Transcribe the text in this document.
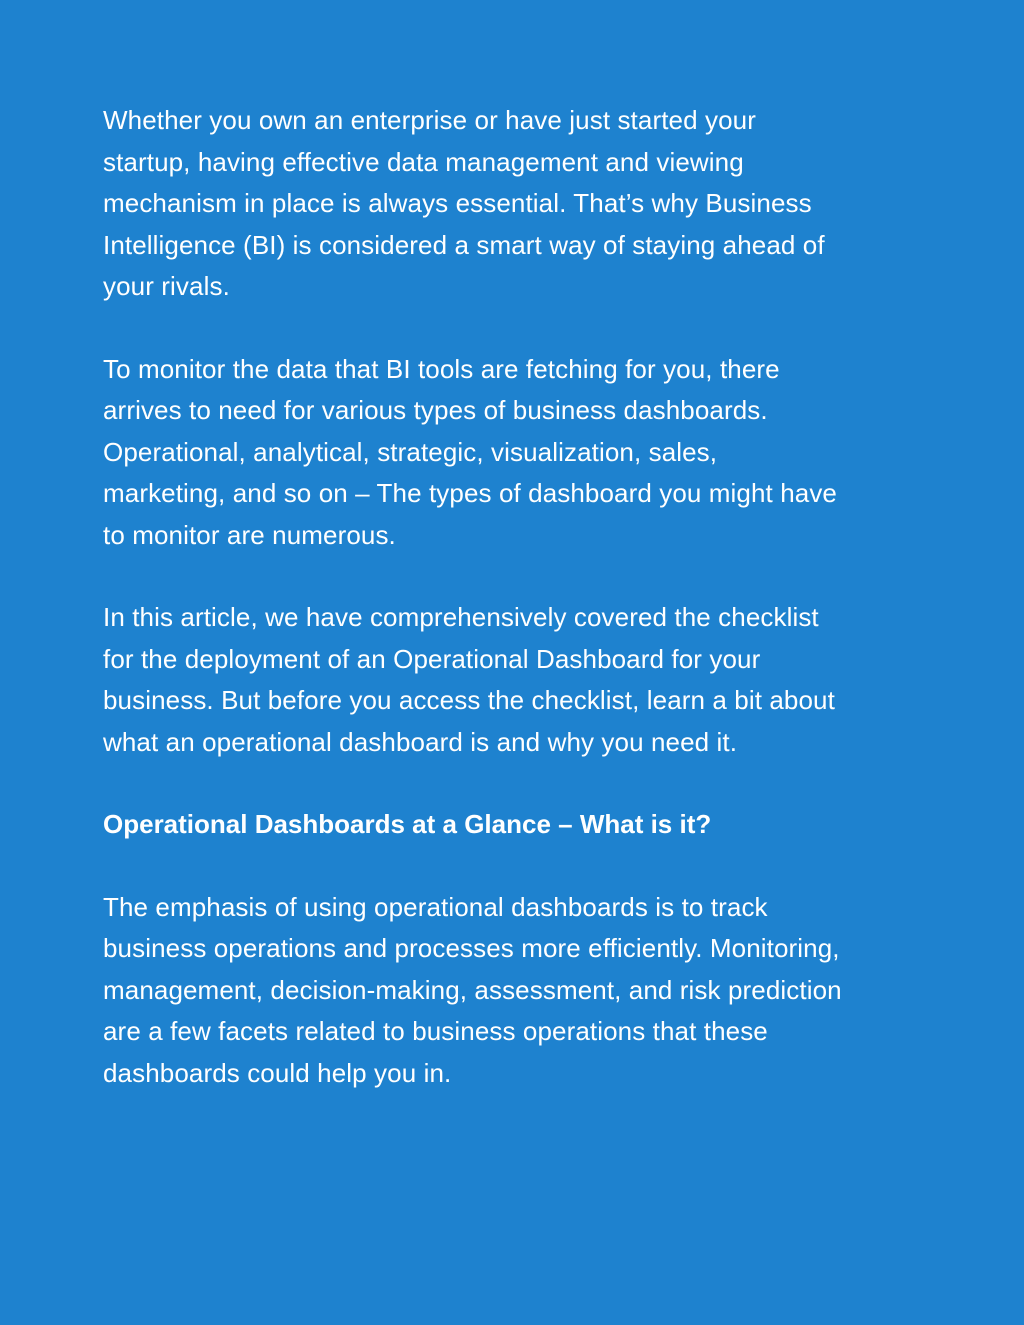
Whether you own an enterprise or have just started your
startup, having effective data management and viewing
mechanism in place is always essential. That’s why Business
Intelligence (BI) is considered a smart way of staying ahead of
your rivals.

To monitor the data that BI tools are fetching for you, there
arrives to need for various types of business dashboards.
Operational, analytical, strategic, visualization, sales,
marketing, and so on – The types of dashboard you might have
to monitor are numerous.

In this article, we have comprehensively covered the checklist
for the deployment of an Operational Dashboard for your
business. But before you access the checklist, learn a bit about
what an operational dashboard is and why you need it.

Operational Dashboards at a Glance – What is it?

The emphasis of using operational dashboards is to track
business operations and processes more efficiently. Monitoring,
management, decision-making, assessment, and risk prediction
are a few facets related to business operations that these
dashboards could help you in.
